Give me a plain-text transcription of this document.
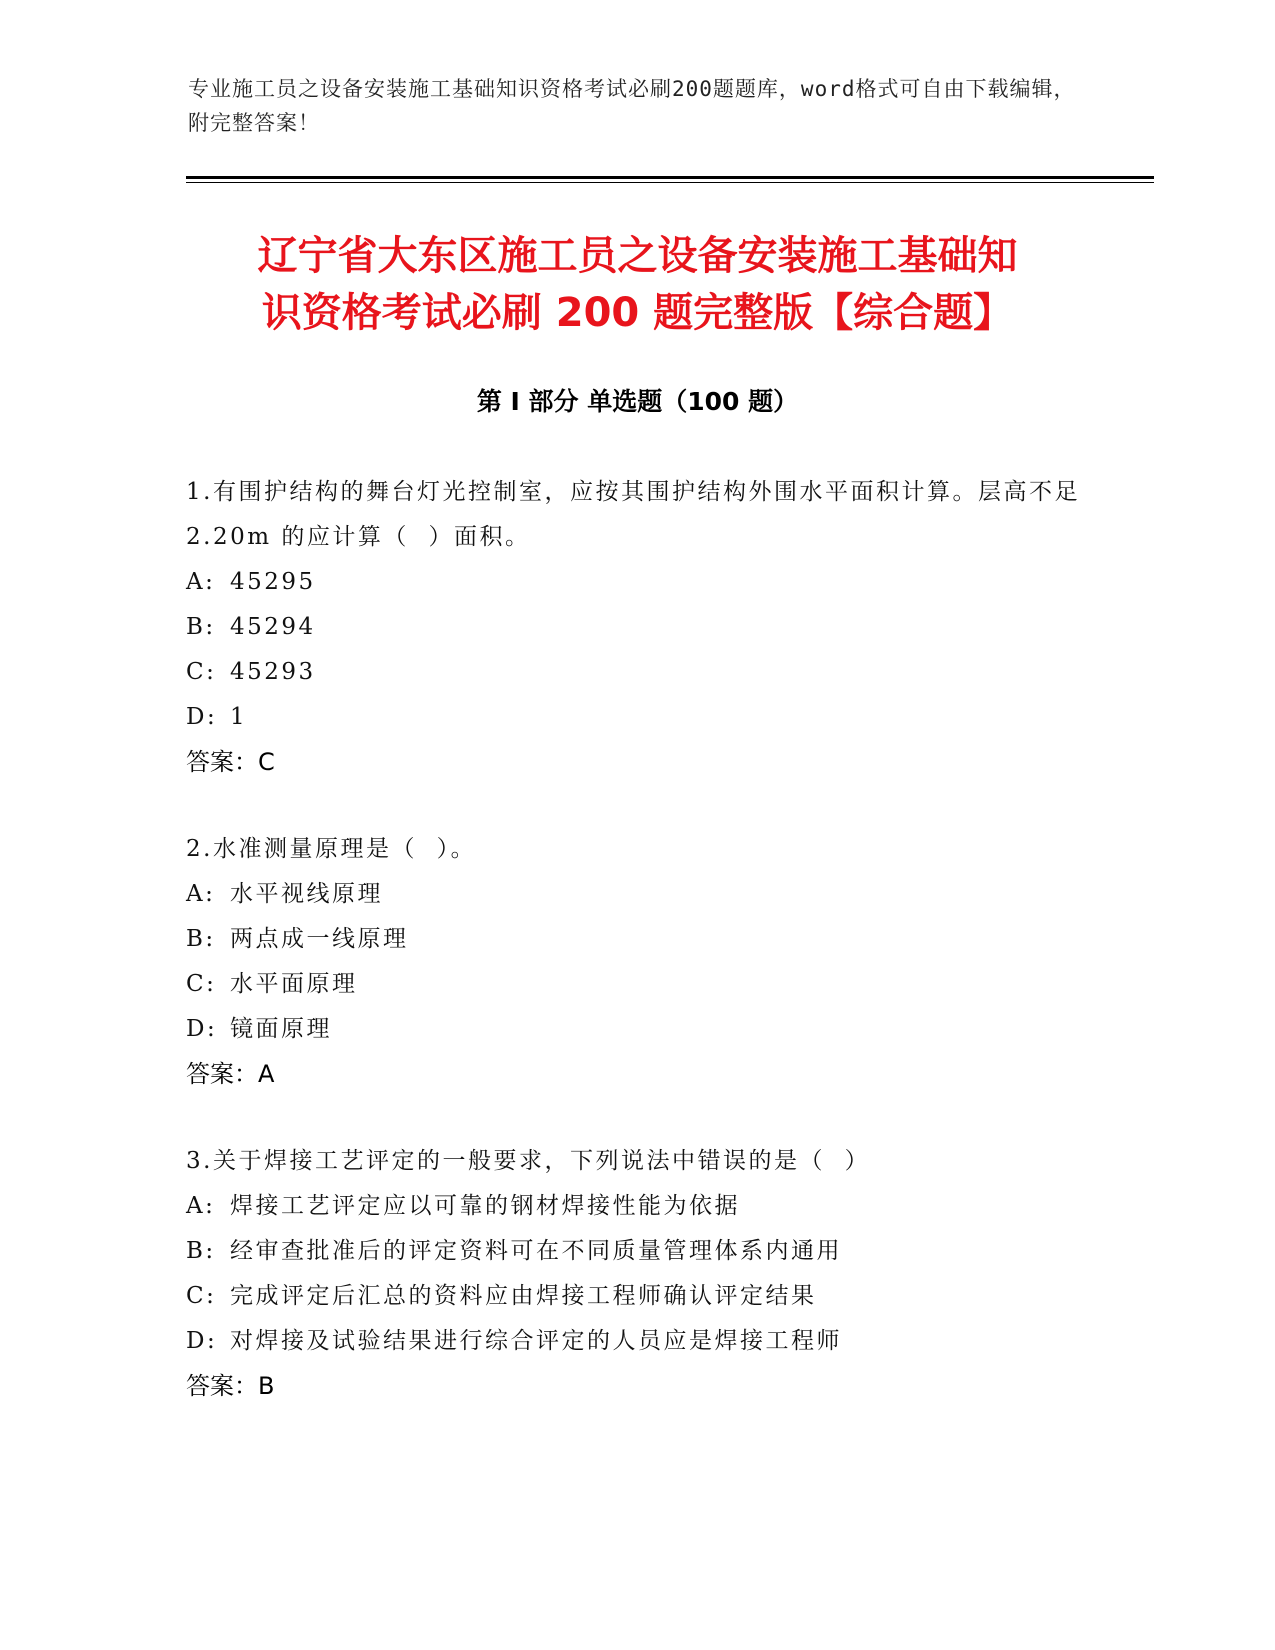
专业施工员之设备安装施工基础知识资格考试必刷200题题库，word格式可自由下载编辑，附完整答案！
辽宁省大东区施工员之设备安装施工基础知
识资格考试必刷 200 题完整版【综合题】
第 I 部分 单选题（100 题）

1.有围护结构的舞台灯光控制室，应按其围护结构外围水平面积计算。层高不足 2.20m 的应计算（  ）面积。

A: 45295

B: 45294

C: 45293

D: 1

答案：C

2.水准测量原理是（  ）。

A: 水平视线原理

B: 两点成一线原理

C: 水平面原理

D: 镜面原理

答案：A

3.关于焊接工艺评定的一般要求，下列说法中错误的是（  ）

A: 焊接工艺评定应以可靠的钢材焊接性能为依据

B: 经审查批准后的评定资料可在不同质量管理体系内通用

C: 完成评定后汇总的资料应由焊接工程师确认评定结果

D: 对焊接及试验结果进行综合评定的人员应是焊接工程师

答案：B
